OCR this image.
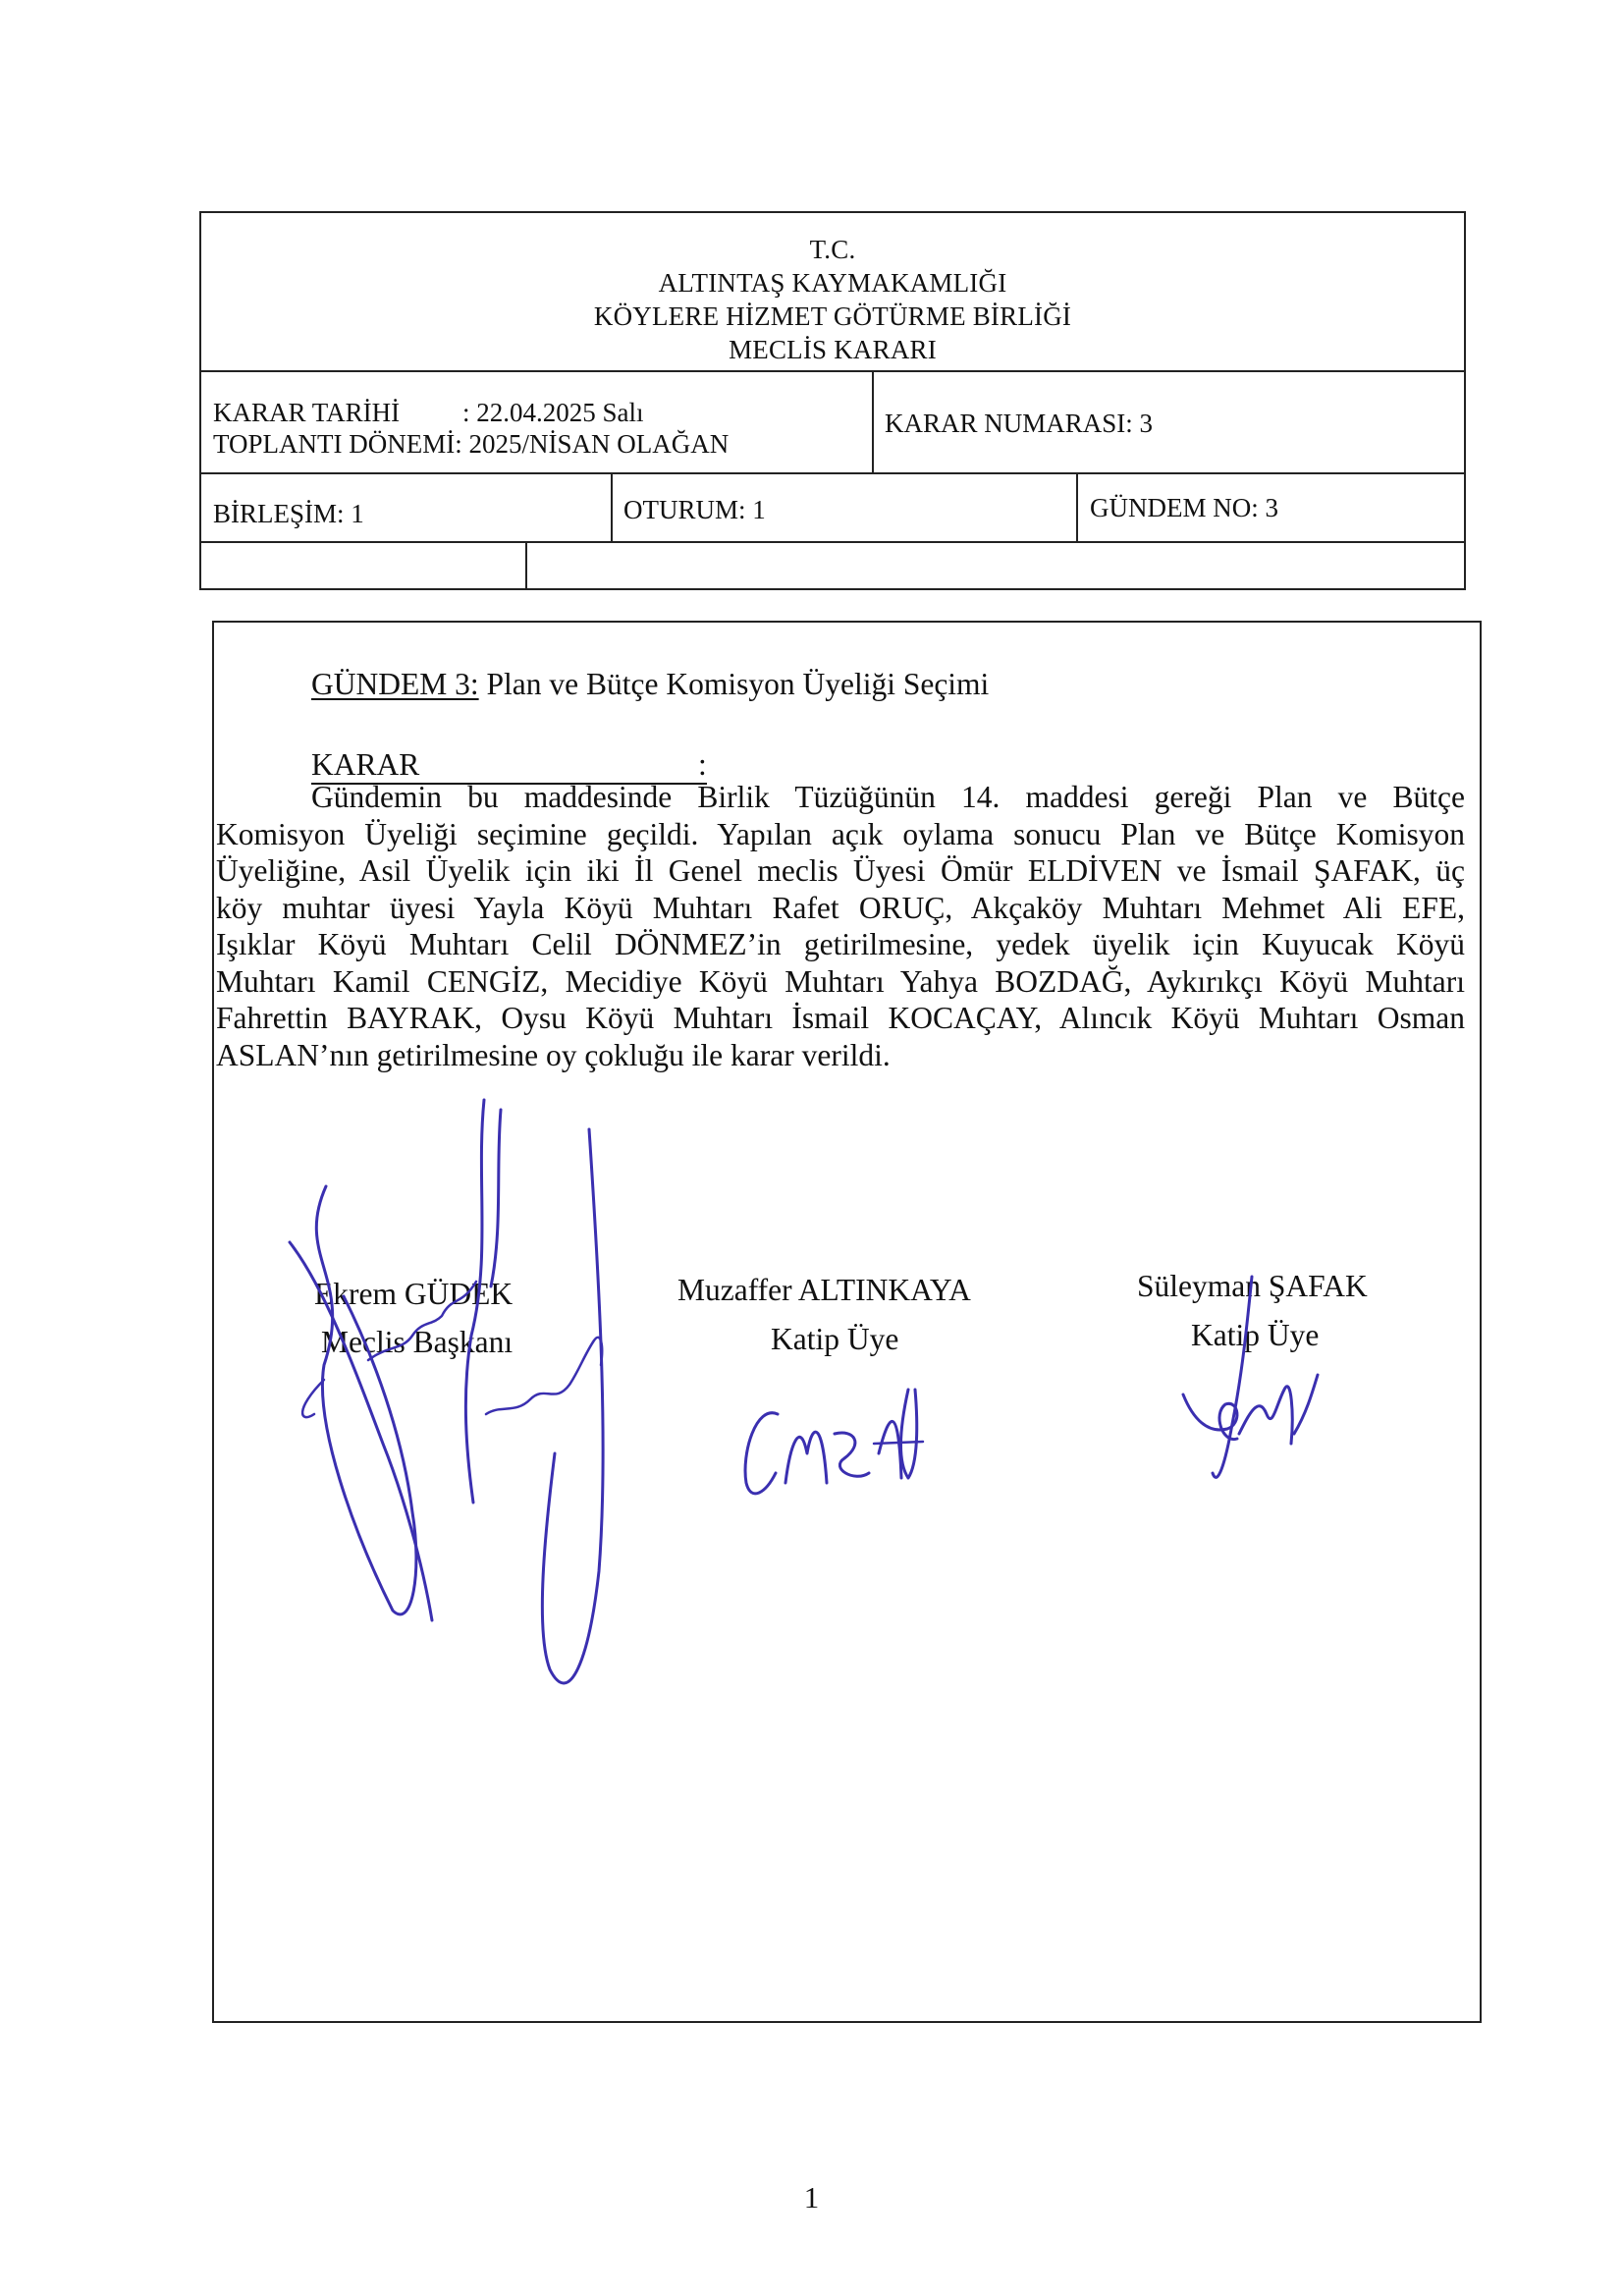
T.C.
ALTINTAŞ KAYMAKAMLIĞI
KÖYLERE HİZMET GÖTÜRME BİRLİĞİ
MECLİS KARARI
KARAR TARİHİ : 22.04.2025 Salı
TOPLANTI DÖNEMİ: 2025/NİSAN OLAĞAN
KARAR NUMARASI: 3
BİRLEŞİM: 1	OTURUM: 1	GÜNDEM NO: 3
GÜNDEM 3: Plan ve Bütçe Komisyon Üyeliği Seçimi
KARAR	:
Gündemin bu maddesinde Birlik Tüzüğünün 14. maddesi gereği Plan ve Bütçe
Komisyon Üyeliği seçimine geçildi. Yapılan açık oylama sonucu Plan ve Bütçe Komisyon
Üyeliğine, Asil Üyelik için iki İl Genel meclis Üyesi Ömür ELDİVEN ve İsmail ŞAFAK, üç
köy muhtar üyesi Yayla Köyü Muhtarı Rafet ORUÇ, Akçaköy Muhtarı Mehmet Ali EFE,
Işıklar Köyü Muhtarı Celil DÖNMEZ’in getirilmesine, yedek üyelik için Kuyucak Köyü
Muhtarı Kamil CENGİZ, Mecidiye Köyü Muhtarı Yahya BOZDAĞ, Aykırıkçı Köyü Muhtarı
Fahrettin BAYRAK, Oysu Köyü Muhtarı İsmail KOCAÇAY, Alıncık Köyü Muhtarı Osman
ASLAN’nın getirilmesine oy çokluğu ile karar verildi.
Ekrem GÜDEK
Meclis Başkanı
Muzaffer ALTINKAYA
Katip Üye
Süleyman ŞAFAK
Katip Üye
1
